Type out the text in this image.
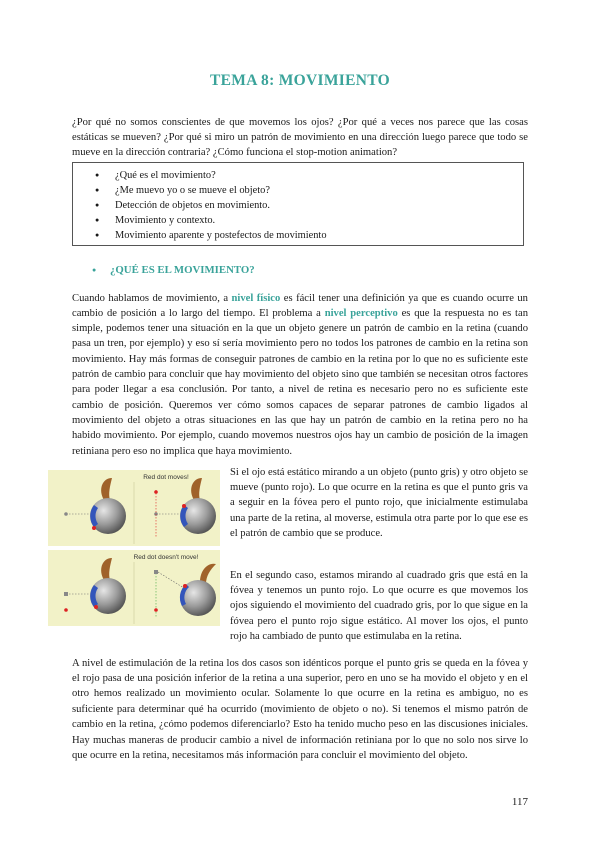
TEMA 8: MOVIMIENTO

¿Por qué no somos conscientes de que movemos los ojos? ¿Por qué a veces nos parece que las cosas estáticas se mueven? ¿Por qué si miro un patrón de movimiento en una dirección luego parece que todo se mueve en la dirección contraria? ¿Cómo funciona el stop-motion animation?

● ¿Qué es el movimiento?
● ¿Me muevo yo o se mueve el objeto?
● Detección de objetos en movimiento.
● Movimiento y contexto.
● Movimiento aparente y postefectos de movimiento
● ¿QUÉ ES EL MOVIMIENTO?

Cuando hablamos de movimiento, a nivel físico es fácil tener una definición ya que es cuando ocurre un cambio de posición a lo largo del tiempo. El problema a nivel perceptivo es que la respuesta no es tan simple, podemos tener una situación en la que un objeto genere un patrón de cambio en la retina (cuando pasa un tren, por ejemplo) y eso sí sería movimiento pero no todos los patrones de cambio en la retina son movimiento. Hay más formas de conseguir patrones de cambio en la retina por lo que no es suficiente este patrón de cambio para concluir que hay movimiento del objeto sino que también se necesitan otros factores para poder llegar a esa conclusión. Por tanto, a nivel de retina es necesario pero no es suficiente este cambio de posición. Queremos ver cómo somos capaces de separar patrones de cambio ligados al movimiento del objeto a otras situaciones en las que hay un patrón de cambio en la retina pero no ha habido movimiento. Por ejemplo, cuando movemos nuestros ojos hay un cambio de posición de la imagen retiniana pero eso no implica que haya movimiento.

Red dot moves!
Red dot doesn't move!

Si el ojo está estático mirando a un objeto (punto gris) y otro objeto se mueve (punto rojo). Lo que ocurre en la retina es que el punto gris va a seguir en la fóvea pero el punto rojo, que inicialmente estimulaba una parte de la retina, al moverse, estimula otra parte por lo que ese es el patrón de cambio que se produce.

En el segundo caso, estamos mirando al cuadrado gris que está en la fóvea y tenemos un punto rojo. Lo que ocurre es que movemos los ojos siguiendo el movimiento del cuadrado gris, por lo que sigue en la fóvea pero el punto rojo sigue estático. Al mover los ojos, el punto rojo ha cambiado de punto que estimulaba en la retina.

A nivel de estimulación de la retina los dos casos son idénticos porque el punto gris se queda en la fóvea y el rojo pasa de una posición inferior de la retina a una superior, pero en uno se ha movido el objeto y en el otro hemos realizado un movimiento ocular. Solamente lo que ocurre en la retina es ambiguo, no es suficiente para determinar qué ha ocurrido (movimiento de objeto o no). Si tenemos el mismo patrón de cambio en la retina, ¿cómo podemos diferenciarlo? Esto ha tenido mucho peso en las discusiones iniciales. Hay muchas maneras de producir cambio a nivel de información retiniana por lo que no solo nos sirve lo que ocurre en la retina, necesitamos más información para concluir el movimiento del objeto.

117
